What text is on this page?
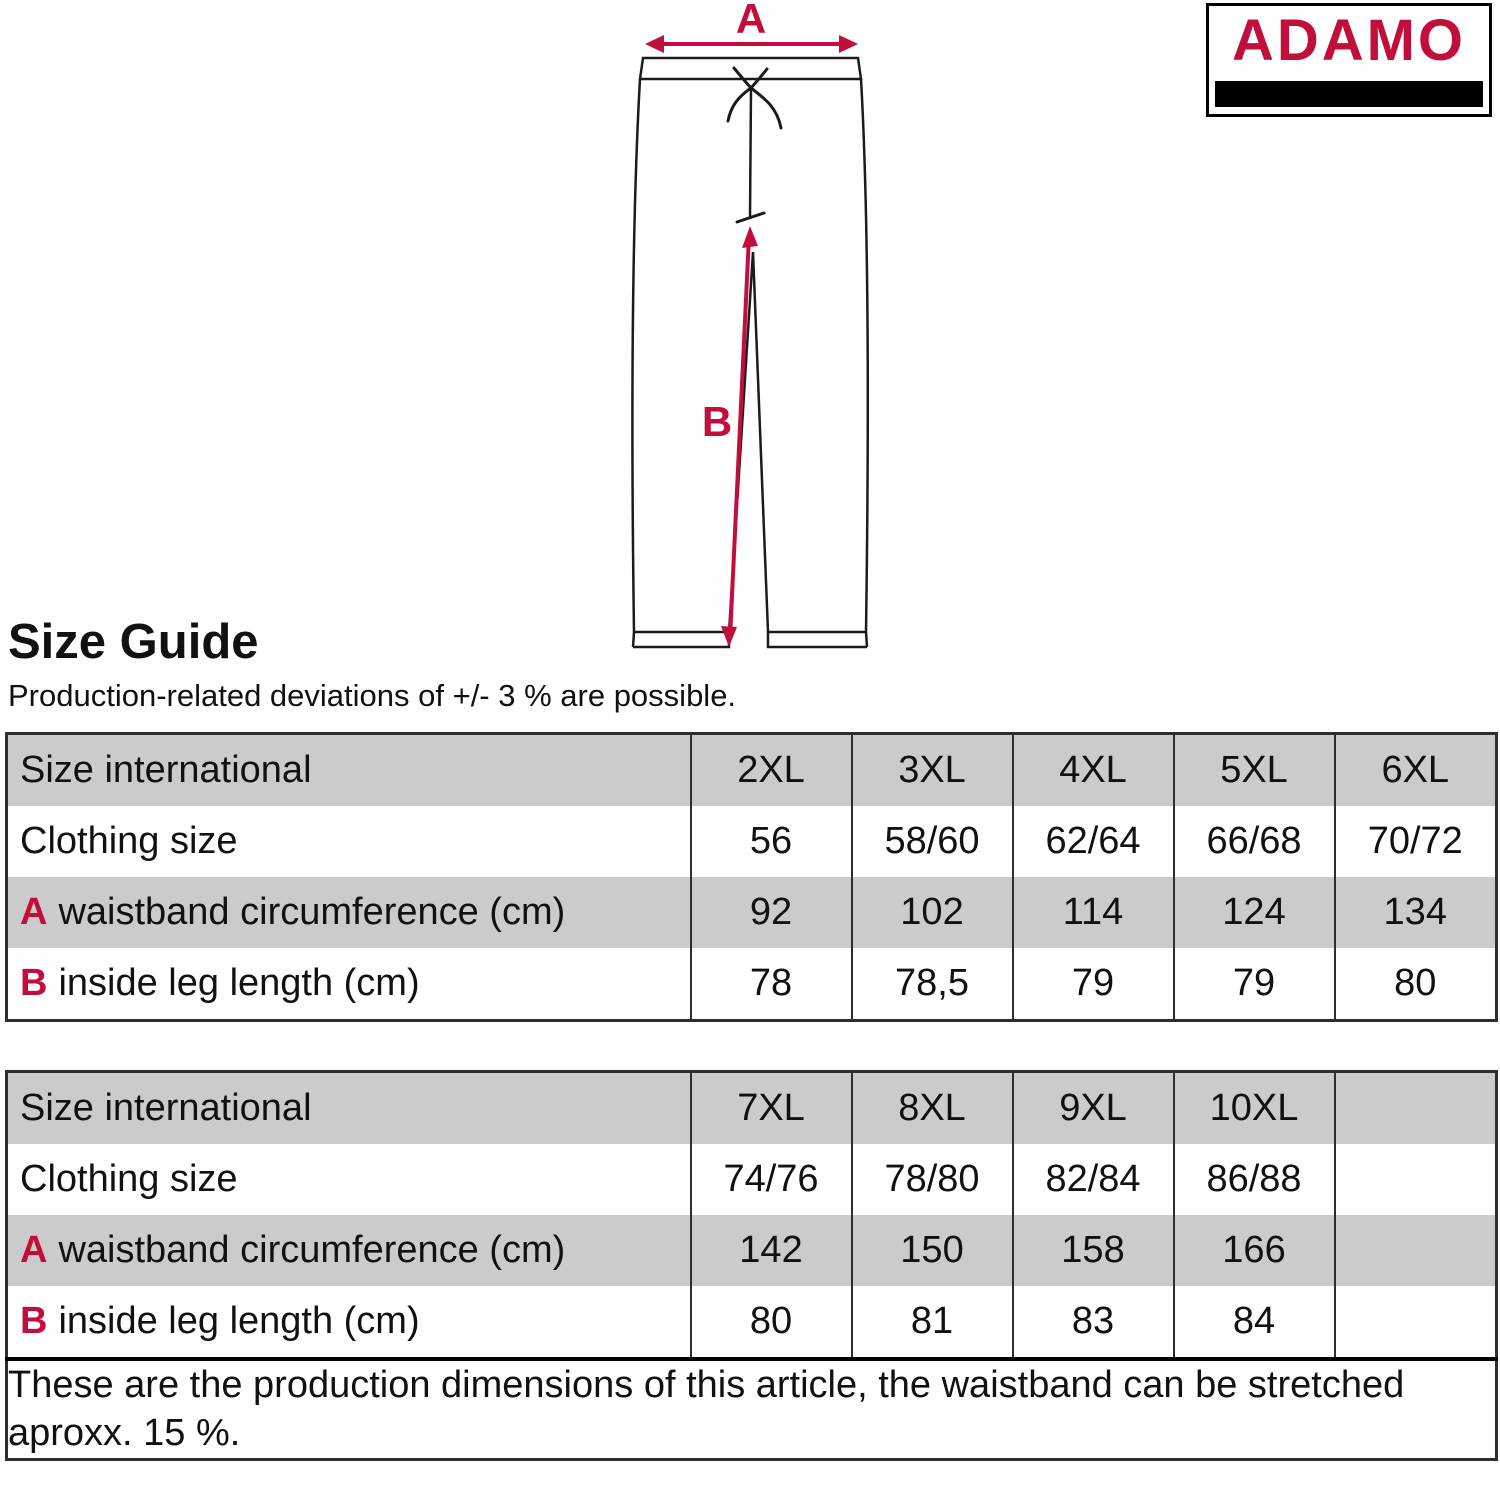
A
B
ADAMO
Size Guide
Production-related deviations of +/- 3 % are possible.
Size international	2XL	3XL	4XL	5XL	6XL
Clothing size	56	58/60	62/64	66/68	70/72
A waistband circumference (cm)	92	102	114	124	134
B inside leg length (cm)	78	78,5	79	79	80
Size international	7XL	8XL	9XL	10XL	
Clothing size	74/76	78/80	82/84	86/88	
A waistband circumference (cm)	142	150	158	166	
B inside leg length (cm)	80	81	83	84	
These are the production dimensions of this article, the waistband can be stretched aproxx. 15 %.					
